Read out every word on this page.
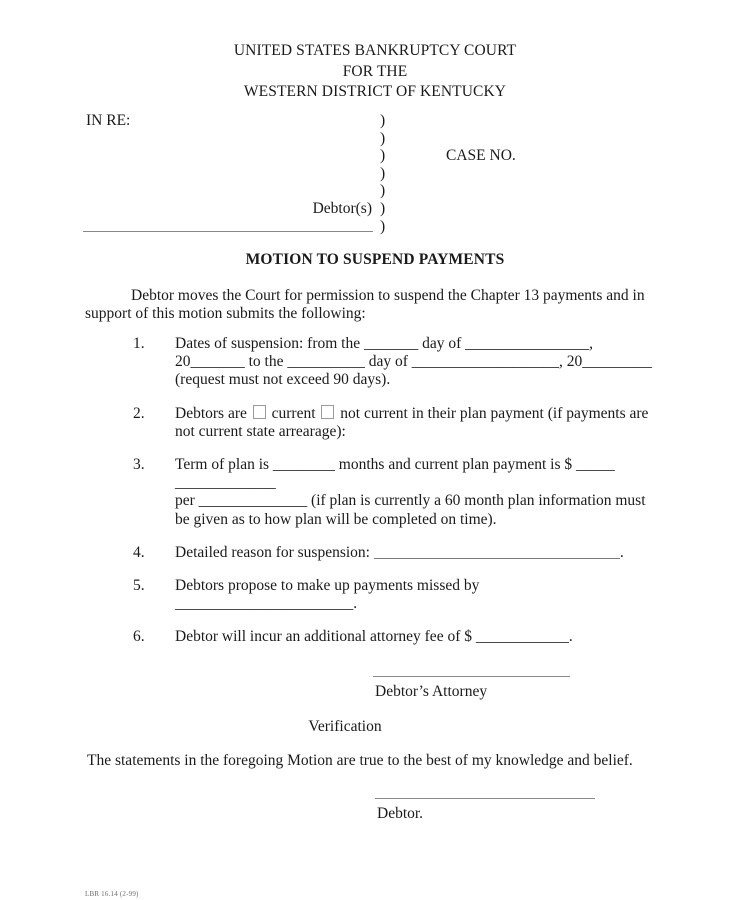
UNITED STATES BANKRUPTCY COURT
FOR THE
WESTERN DISTRICT OF KENTUCKY
IN RE:	)
)
)
)
)
)
)
CASE NO.
Debtor(s)
MOTION TO SUSPEND PAYMENTS
Debtor moves the Court for permission to suspend the Chapter 13 payments and in support of this motion submits the following:
1.	Dates of suspension: from the _______ day of ________________, 20_______ to the __________ day of ___________________, 20_________ (request must not exceed 90 days).
2.	Debtors are  current  not current in their plan payment (if payments are not current state arrearage):
3.	Term of plan is ________ months and current plan payment is $ _____
_____________
per ______________ (if plan is currently a 60 month plan information must be given as to how plan will be completed on time).
4.	Detailed reason for suspension:	.
5.	Debtors propose to make up payments missed by _______________________.
6.	Debtor will incur an additional attorney fee of $ ____________.
Debtor’s Attorney
Verification
The statements in the foregoing Motion are true to the best of my knowledge and belief.
Debtor.
LBR 16.14 (2-99)
